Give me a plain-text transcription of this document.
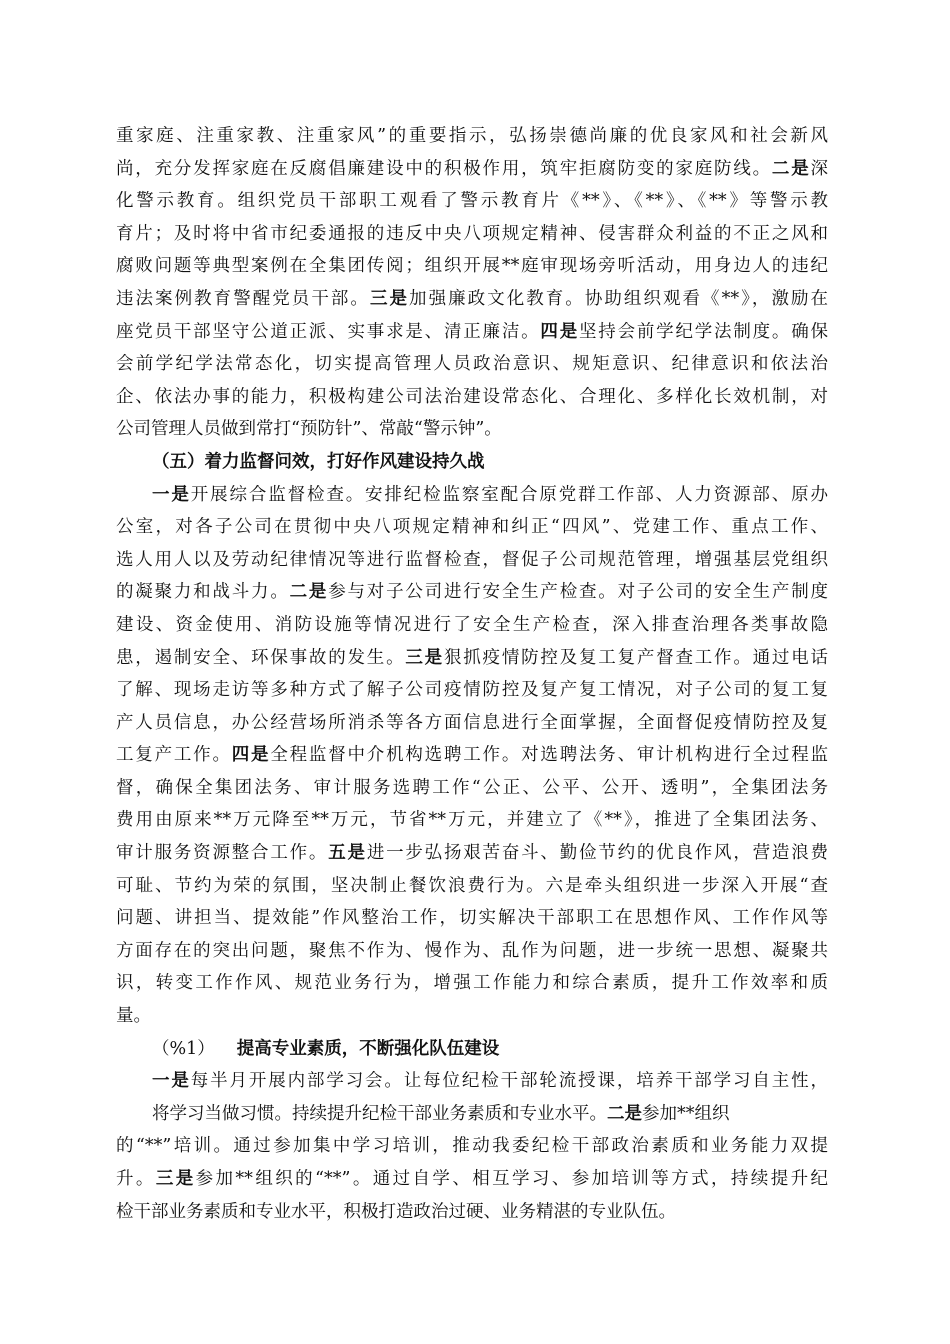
重家庭、注重家教、注重家风”的重要指示，弘扬崇德尚廉的优良家风和社会新风
尚，充分发挥家庭在反腐倡廉建设中的积极作用，筑牢拒腐防变的家庭防线。二是深
化警示教育。组织党员干部职工观看了警示教育片《**》、《**》、《**》等警示教
育片；及时将中省市纪委通报的违反中央八项规定精神、侵害群众利益的不正之风和
腐败问题等典型案例在全集团传阅；组织开展**庭审现场旁听活动，用身边人的违纪
违法案例教育警醒党员干部。三是加强廉政文化教育。协助组织观看《**》，激励在
座党员干部坚守公道正派、实事求是、清正廉洁。四是坚持会前学纪学法制度。确保
会前学纪学法常态化，切实提高管理人员政治意识、规矩意识、纪律意识和依法治
企、依法办事的能力，积极构建公司法治建设常态化、合理化、多样化长效机制，对
公司管理人员做到常打“预防针”、常敲“警示钟”。
（五）着力监督问效，打好作风建设持久战
一是开展综合监督检查。安排纪检监察室配合原党群工作部、人力资源部、原办
公室，对各子公司在贯彻中央八项规定精神和纠正“四风”、党建工作、重点工作、
选人用人以及劳动纪律情况等进行监督检查，督促子公司规范管理，增强基层党组织
的凝聚力和战斗力。二是参与对子公司进行安全生产检查。对子公司的安全生产制度
建设、资金使用、消防设施等情况进行了安全生产检查，深入排查治理各类事故隐
患，遏制安全、环保事故的发生。三是狠抓疫情防控及复工复产督查工作。通过电话
了解、现场走访等多种方式了解子公司疫情防控及复产复工情况，对子公司的复工复
产人员信息，办公经营场所消杀等各方面信息进行全面掌握，全面督促疫情防控及复
工复产工作。四是全程监督中介机构选聘工作。对选聘法务、审计机构进行全过程监
督，确保全集团法务、审计服务选聘工作“公正、公平、公开、透明”，全集团法务
费用由原来**万元降至**万元，节省**万元，并建立了《**》，推进了全集团法务、
审计服务资源整合工作。五是进一步弘扬艰苦奋斗、勤俭节约的优良作风，营造浪费
可耻、节约为荣的氛围，坚决制止餐饮浪费行为。六是牵头组织进一步深入开展“查
问题、讲担当、提效能”作风整治工作，切实解决干部职工在思想作风、工作作风等
方面存在的突出问题，聚焦不作为、慢作为、乱作为问题，进一步统一思想、凝聚共
识，转变工作作风、规范业务行为，增强工作能力和综合素质，提升工作效率和质
量。
（%1） 提高专业素质，不断强化队伍建设
一是每半月开展内部学习会。让每位纪检干部轮流授课，培养干部学习自主性，
将学习当做习惯。持续提升纪检干部业务素质和专业水平。二是参加**组织
的“**”培训。通过参加集中学习培训，推动我委纪检干部政治素质和业务能力双提
升。三是参加**组织的“**”。通过自学、相互学习、参加培训等方式，持续提升纪
检干部业务素质和专业水平，积极打造政治过硬、业务精湛的专业队伍。
